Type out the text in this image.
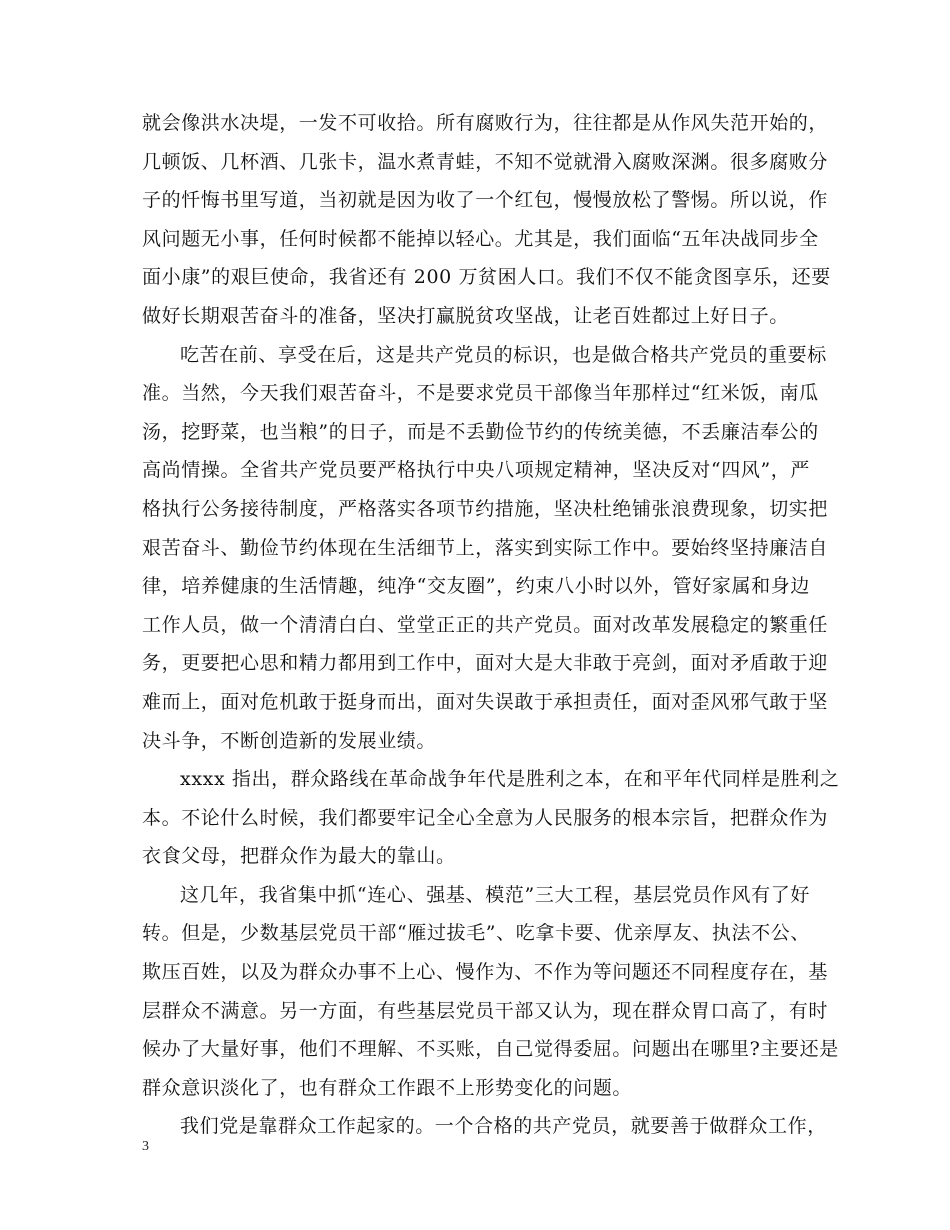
就会像洪水决堤，一发不可收拾。所有腐败行为，往往都是从作风失范开始的，
几顿饭、几杯酒、几张卡，温水煮青蛙，不知不觉就滑入腐败深渊。很多腐败分
子的忏悔书里写道，当初就是因为收了一个红包，慢慢放松了警惕。所以说，作
风问题无小事，任何时候都不能掉以轻心。尤其是，我们面临“五年决战同步全
面小康”的艰巨使命，我省还有 200 万贫困人口。我们不仅不能贪图享乐，还要
做好长期艰苦奋斗的准备，坚决打赢脱贫攻坚战，让老百姓都过上好日子。
吃苦在前、享受在后，这是共产党员的标识，也是做合格共产党员的重要标
准。当然，今天我们艰苦奋斗，不是要求党员干部像当年那样过“红米饭，南瓜
汤，挖野菜，也当粮”的日子，而是不丢勤俭节约的传统美德，不丢廉洁奉公的
高尚情操。全省共产党员要严格执行中央八项规定精神，坚决反对“四风”，严
格执行公务接待制度，严格落实各项节约措施，坚决杜绝铺张浪费现象，切实把
艰苦奋斗、勤俭节约体现在生活细节上，落实到实际工作中。要始终坚持廉洁自
律，培养健康的生活情趣，纯净“交友圈”，约束八小时以外，管好家属和身边
工作人员，做一个清清白白、堂堂正正的共产党员。面对改革发展稳定的繁重任
务，更要把心思和精力都用到工作中，面对大是大非敢于亮剑，面对矛盾敢于迎
难而上，面对危机敢于挺身而出，面对失误敢于承担责任，面对歪风邪气敢于坚
决斗争，不断创造新的发展业绩。
xxxx 指出，群众路线在革命战争年代是胜利之本，在和平年代同样是胜利之
本。不论什么时候，我们都要牢记全心全意为人民服务的根本宗旨，把群众作为
衣食父母，把群众作为最大的靠山。
这几年，我省集中抓“连心、强基、模范”三大工程，基层党员作风有了好
转。但是，少数基层党员干部“雁过拔毛”、吃拿卡要、优亲厚友、执法不公、
欺压百姓，以及为群众办事不上心、慢作为、不作为等问题还不同程度存在，基
层群众不满意。另一方面，有些基层党员干部又认为，现在群众胃口高了，有时
候办了大量好事，他们不理解、不买账，自己觉得委屈。问题出在哪里?主要还是
群众意识淡化了，也有群众工作跟不上形势变化的问题。
我们党是靠群众工作起家的。一个合格的共产党员，就要善于做群众工作，
3
